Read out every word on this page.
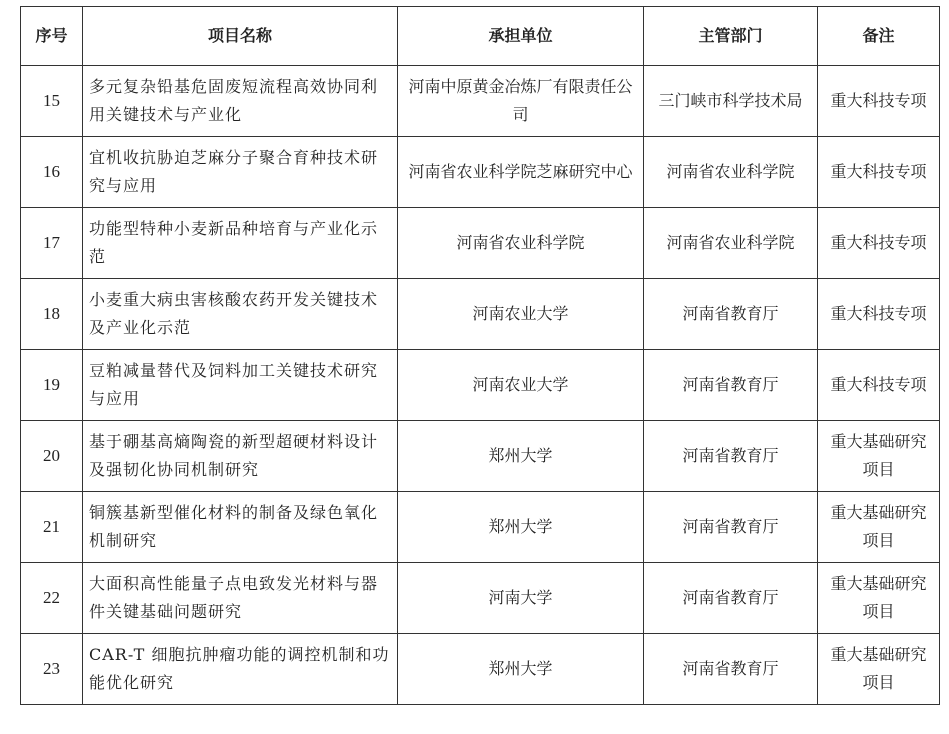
序号	项目名称	承担单位	主管部门	备注
15	多元复杂铅基危固废短流程高效协同利用关键技术与产业化	河南中原黄金冶炼厂有限责任公司	三门峡市科学技术局	重大科技专项
16	宜机收抗胁迫芝麻分子聚合育种技术研究与应用	河南省农业科学院芝麻研究中心	河南省农业科学院	重大科技专项
17	功能型特种小麦新品种培育与产业化示范	河南省农业科学院	河南省农业科学院	重大科技专项
18	小麦重大病虫害核酸农药开发关键技术及产业化示范	河南农业大学	河南省教育厅	重大科技专项
19	豆粕减量替代及饲料加工关键技术研究与应用	河南农业大学	河南省教育厅	重大科技专项
20	基于硼基高熵陶瓷的新型超硬材料设计及强韧化协同机制研究	郑州大学	河南省教育厅	重大基础研究项目
21	铜簇基新型催化材料的制备及绿色氧化机制研究	郑州大学	河南省教育厅	重大基础研究项目
22	大面积高性能量子点电致发光材料与器件关键基础问题研究	河南大学	河南省教育厅	重大基础研究项目
23	CAR-T 细胞抗肿瘤功能的调控机制和功能优化研究	郑州大学	河南省教育厅	重大基础研究项目
